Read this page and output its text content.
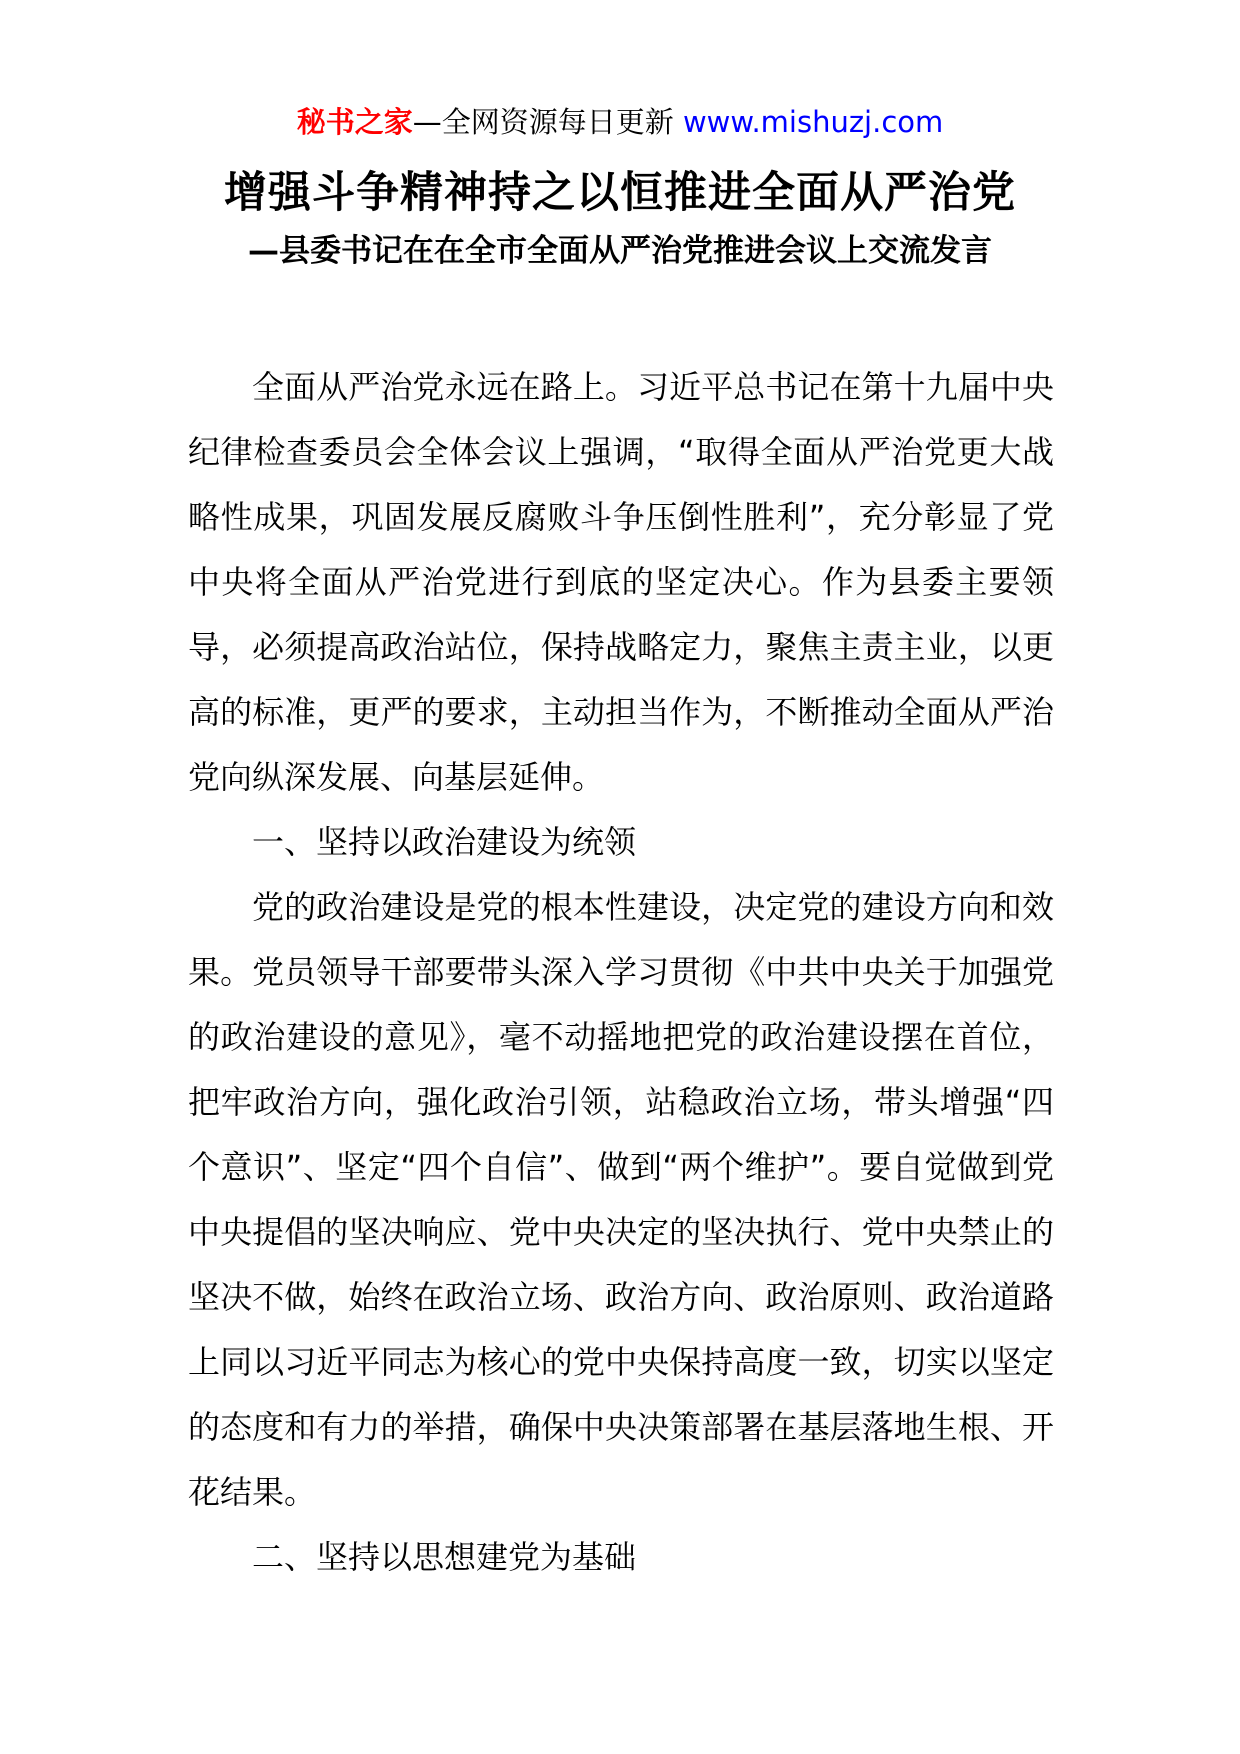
秘书之家—全网资源每日更新 www.mishuzj.com
增强斗争精神持之以恒推进全面从严治党
—县委书记在在全市全面从严治党推进会议上交流发言

全面从严治党永远在路上。习近平总书记在第十九届中央纪律检查委员会全体会议上强调，“取得全面从严治党更大战略性成果，巩固发展反腐败斗争压倒性胜利”，充分彰显了党中央将全面从严治党进行到底的坚定决心。作为县委主要领导，必须提高政治站位，保持战略定力，聚焦主责主业，以更高的标准，更严的要求，主动担当作为，不断推动全面从严治党向纵深发展、向基层延伸。

一、坚持以政治建设为统领

党的政治建设是党的根本性建设，决定党的建设方向和效果。党员领导干部要带头深入学习贯彻《中共中央关于加强党的政治建设的意见》，毫不动摇地把党的政治建设摆在首位，把牢政治方向，强化政治引领，站稳政治立场，带头增强“四个意识”、坚定“四个自信”、做到“两个维护”。要自觉做到党中央提倡的坚决响应、党中央决定的坚决执行、党中央禁止的坚决不做，始终在政治立场、政治方向、政治原则、政治道路上同以习近平同志为核心的党中央保持高度一致，切实以坚定的态度和有力的举措，确保中央决策部署在基层落地生根、开花结果。

二、坚持以思想建党为基础
